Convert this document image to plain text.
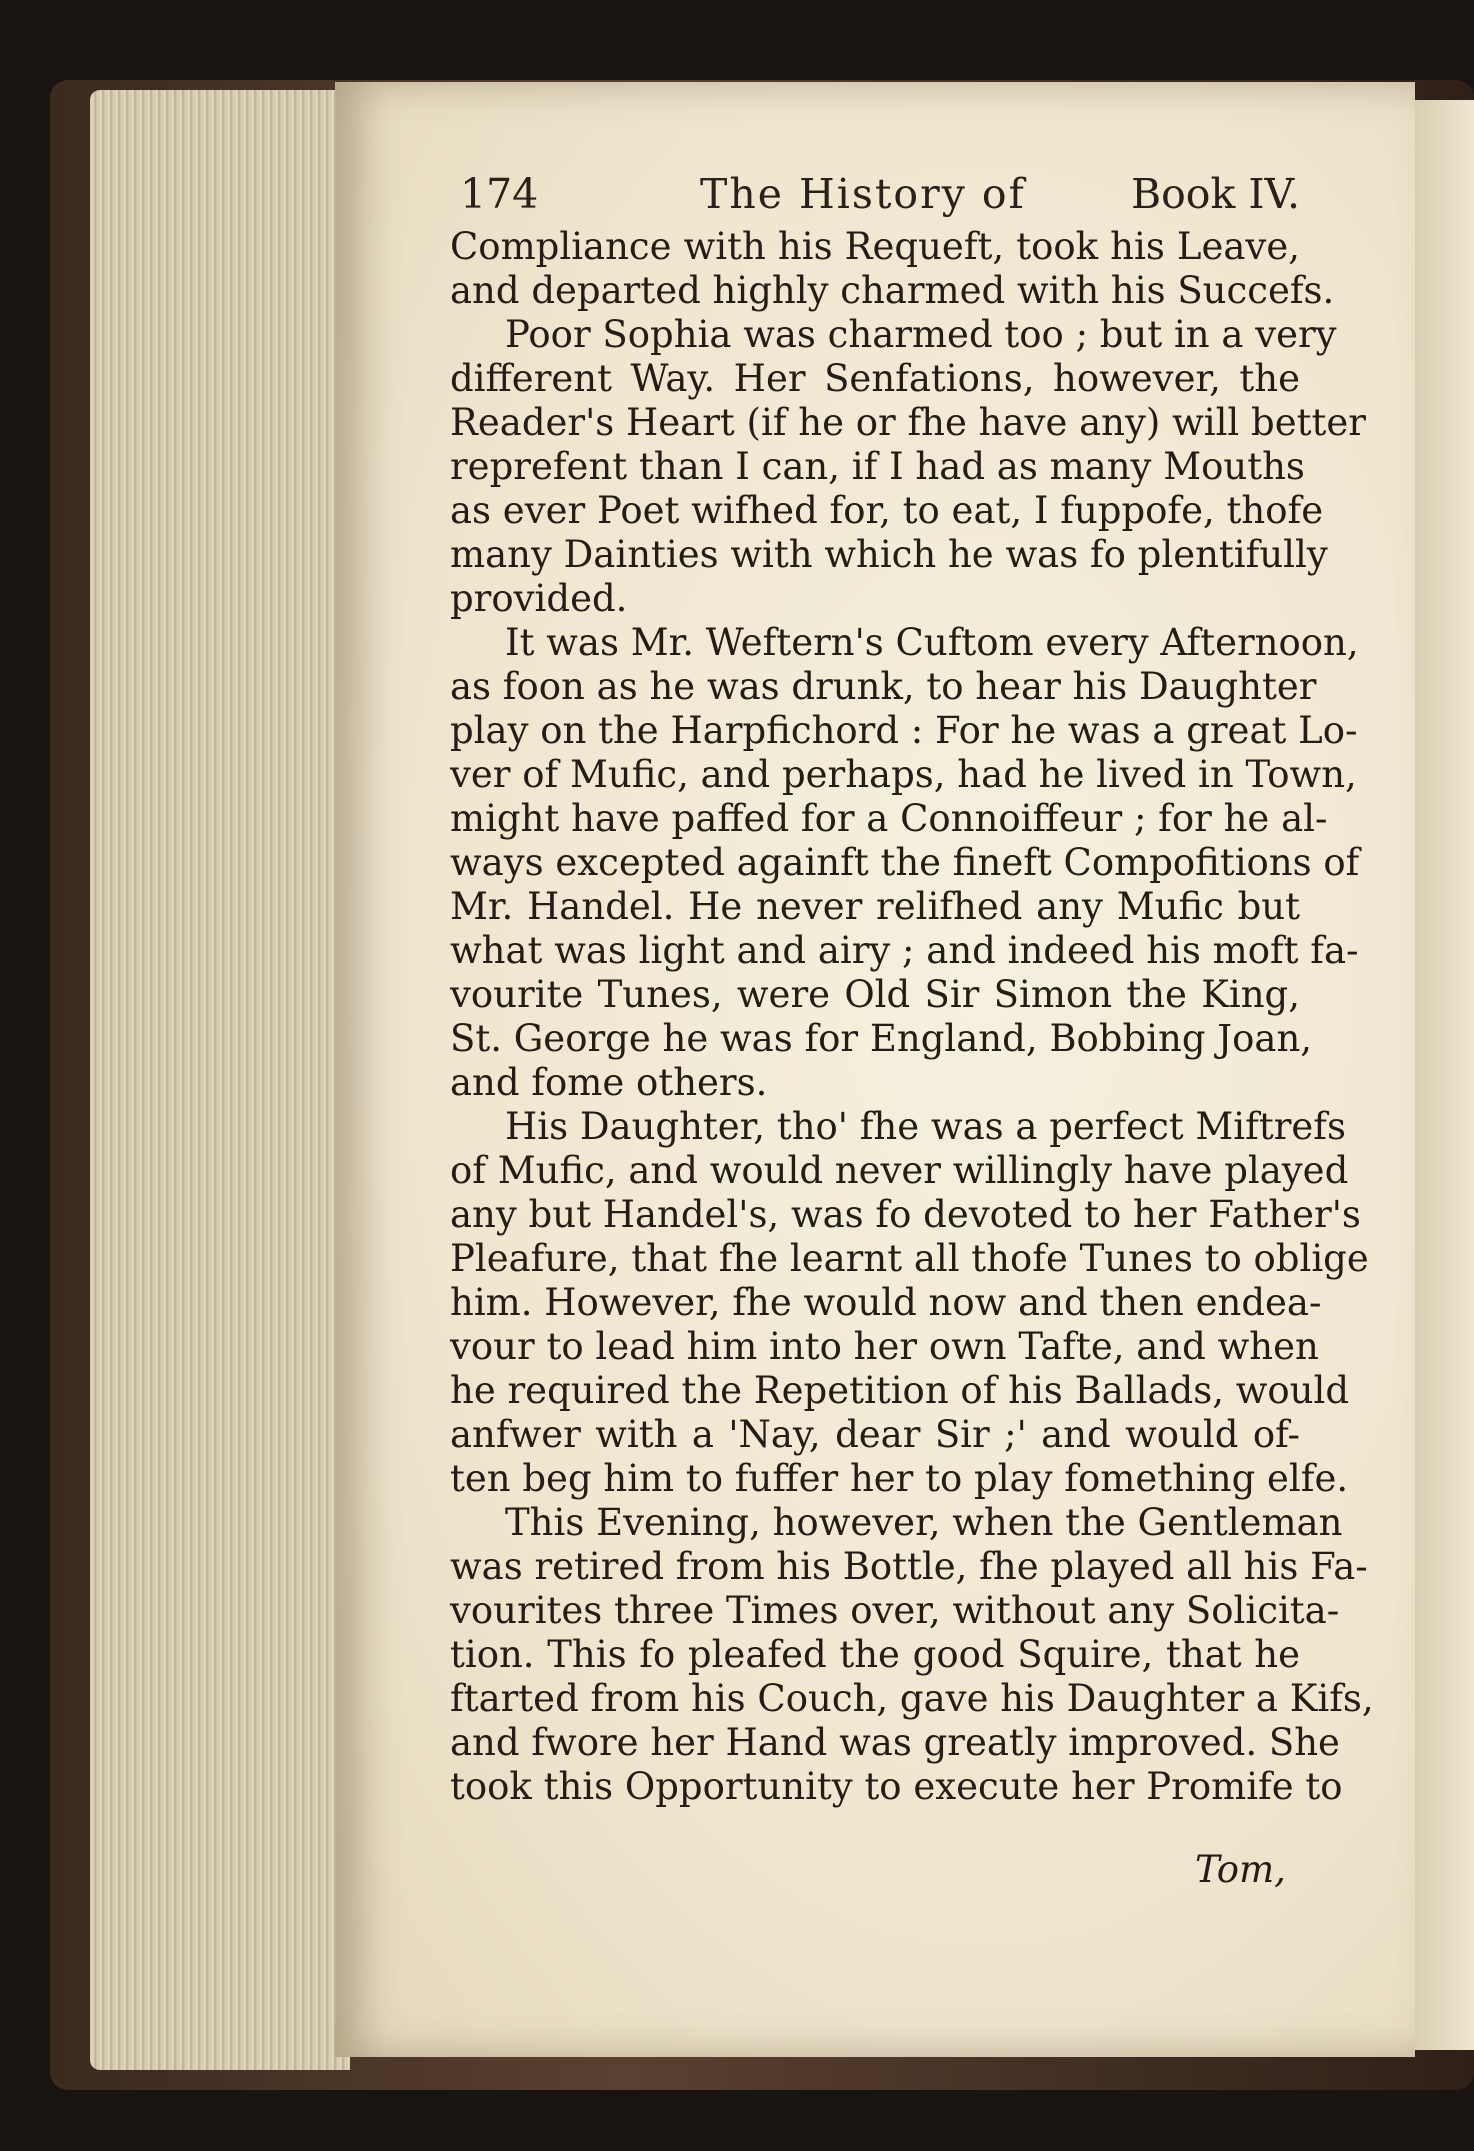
174	The History of	Book IV.
Compliance with his Requeft, took his Leave,
and departed highly charmed with his Succefs.
Poor Sophia was charmed too ; but in a very
different Way. Her Senfations, however, the
Reader's Heart (if he or fhe have any) will better
reprefent than I can, if I had as many Mouths
as ever Poet wifhed for, to eat, I fuppofe, thofe
many Dainties with which he was fo plentifully
provided.
It was Mr. Weftern's Cuftom every Afternoon,
as foon as he was drunk, to hear his Daughter
play on the Harpfichord : For he was a great Lo-
ver of Mufic, and perhaps, had he lived in Town,
might have paffed for a Connoiffeur ; for he al-
ways excepted againft the fineft Compofitions of
Mr. Handel. He never relifhed any Mufic but
what was light and airy ; and indeed his moft fa-
vourite Tunes, were Old Sir Simon the King,
St. George he was for England, Bobbing Joan,
and fome others.
His Daughter, tho' fhe was a perfect Miftrefs
of Mufic, and would never willingly have played
any but Handel's, was fo devoted to her Father's
Pleafure, that fhe learnt all thofe Tunes to oblige
him. However, fhe would now and then endea-
vour to lead him into her own Tafte, and when
he required the Repetition of his Ballads, would
anfwer with a 'Nay, dear Sir ;' and would of-
ten beg him to fuffer her to play fomething elfe.
This Evening, however, when the Gentleman
was retired from his Bottle, fhe played all his Fa-
vourites three Times over, without any Solicita-
tion. This fo pleafed the good Squire, that he
ftarted from his Couch, gave his Daughter a Kifs,
and fwore her Hand was greatly improved. She
took this Opportunity to execute her Promife to
Tom,
